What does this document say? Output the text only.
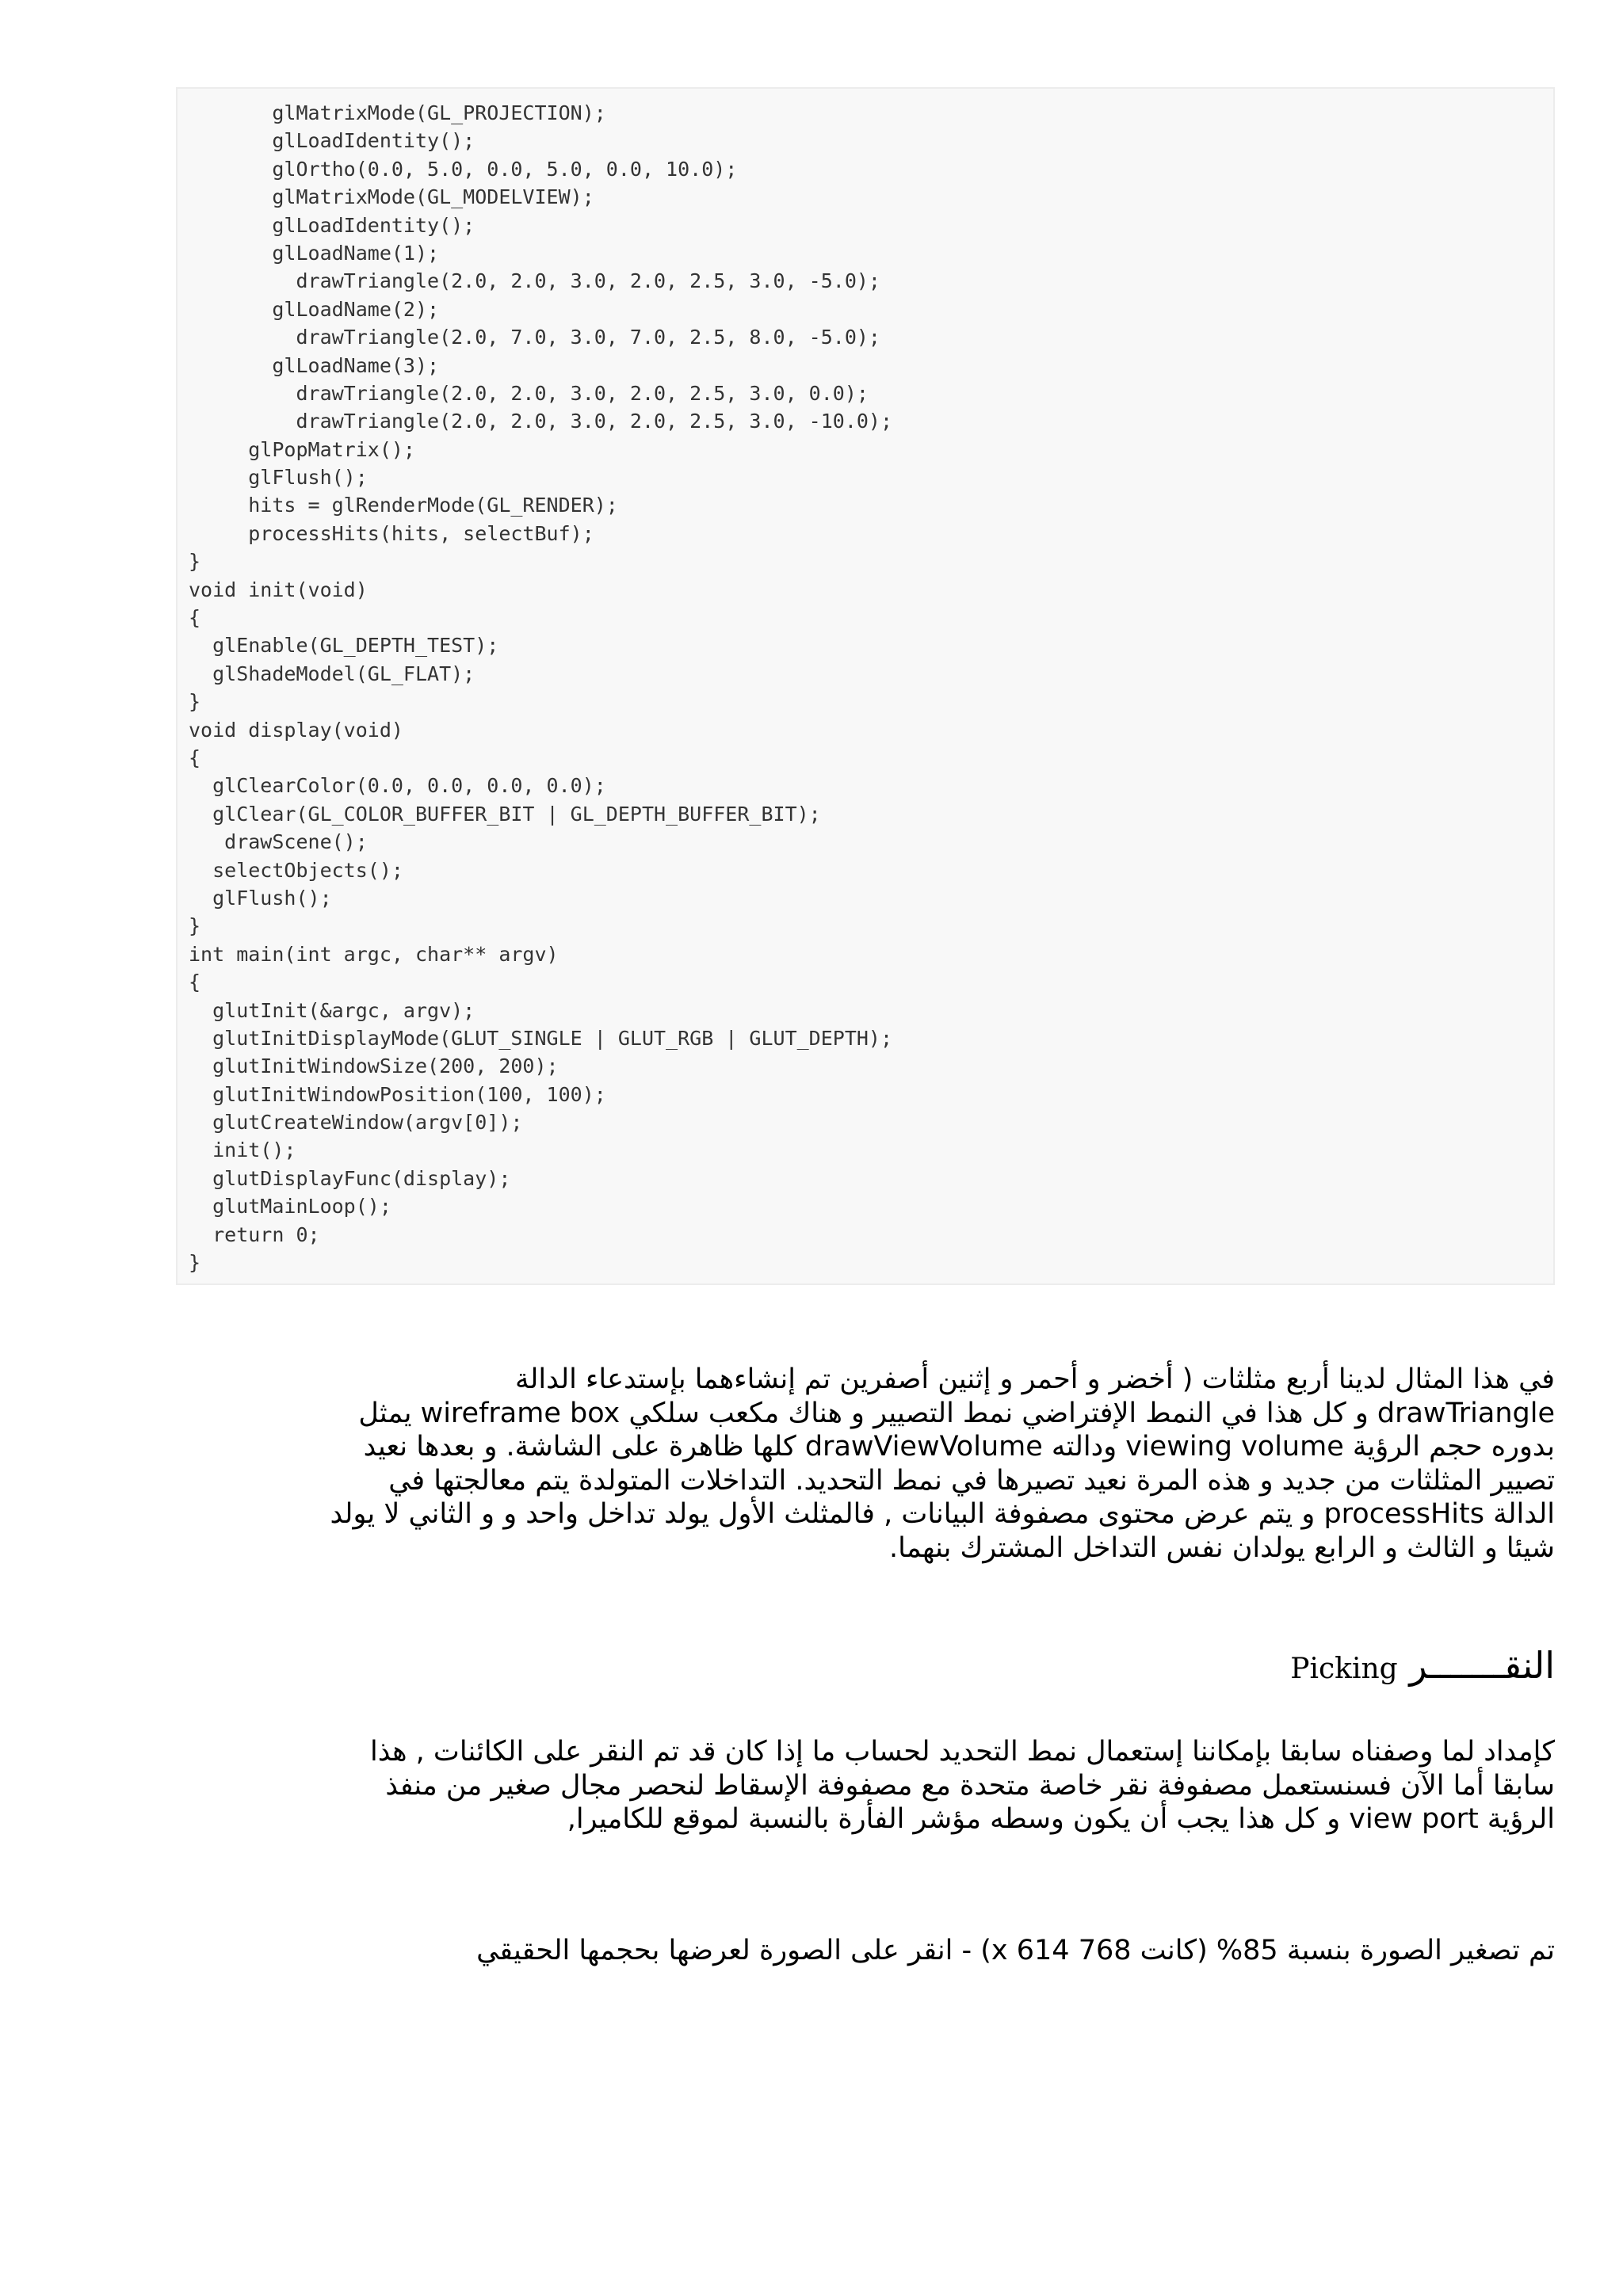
glMatrixMode(GL_PROJECTION);
glLoadIdentity();
glOrtho(0.0, 5.0, 0.0, 5.0, 0.0, 10.0);
glMatrixMode(GL_MODELVIEW);
glLoadIdentity();
glLoadName(1);
drawTriangle(2.0, 2.0, 3.0, 2.0, 2.5, 3.0, -5.0);
glLoadName(2);
drawTriangle(2.0, 7.0, 3.0, 7.0, 2.5, 8.0, -5.0);
glLoadName(3);
drawTriangle(2.0, 2.0, 3.0, 2.0, 2.5, 3.0, 0.0);
drawTriangle(2.0, 2.0, 3.0, 2.0, 2.5, 3.0, -10.0);
glPopMatrix();
glFlush();
hits = glRenderMode(GL_RENDER);
processHits(hits, selectBuf);
}
void init(void)
{
glEnable(GL_DEPTH_TEST);
glShadeModel(GL_FLAT);
}
void display(void)
{
glClearColor(0.0, 0.0, 0.0, 0.0);
glClear(GL_COLOR_BUFFER_BIT | GL_DEPTH_BUFFER_BIT);
drawScene();
selectObjects();
glFlush();
}
int main(int argc, char** argv)
{
glutInit(&argc, argv);
glutInitDisplayMode(GLUT_SINGLE | GLUT_RGB | GLUT_DEPTH);
glutInitWindowSize(200, 200);
glutInitWindowPosition(100, 100);
glutCreateWindow(argv[0]);
init();
glutDisplayFunc(display);
glutMainLoop();
return 0;
}
في هذا المثال لدينا أربع مثلثات ( أخضر و أحمر و إثنين أصفرين تم إنشاءهما بإستدعاء الدالة
drawTriangle و كل هذا في النمط الإفتراضي نمط التصيير و هناك مكعب سلكي wireframe box يمثل
بدوره حجم الرؤية viewing volume ودالته drawViewVolume كلها ظاهرة على الشاشة. و بعدها نعيد
تصيير المثلثات من جديد و هذه المرة نعيد تصيرها في نمط التحديد. التداخلات المتولدة يتم معالجتها في
الدالة processHits و يتم عرض محتوى مصفوفة البيانات , فالمثلث الأول يولد تداخل واحد و و الثاني لا يولد
شيئا و الثالث و الرابع يولدان نفس التداخل المشترك بنهما.
النقـــــــر Picking
كإمداد لما وصفناه سابقا بإمكاننا إستعمال نمط التحديد لحساب ما إذا كان قد تم النقر على الكائنات , هذا
سابقا أما الآن فسنستعمل مصفوفة نقر خاصة متحدة مع مصفوفة الإسقاط لنحصر مجال صغير من منفذ
الرؤية view port و كل هذا يجب أن يكون وسطه مؤشر الفأرة بالنسبة لموقع للكاميرا,
تم تصغير الصورة بنسبة 85% (كانت 768 x 614) - انقر على الصورة لعرضها بحجمها الحقيقي
